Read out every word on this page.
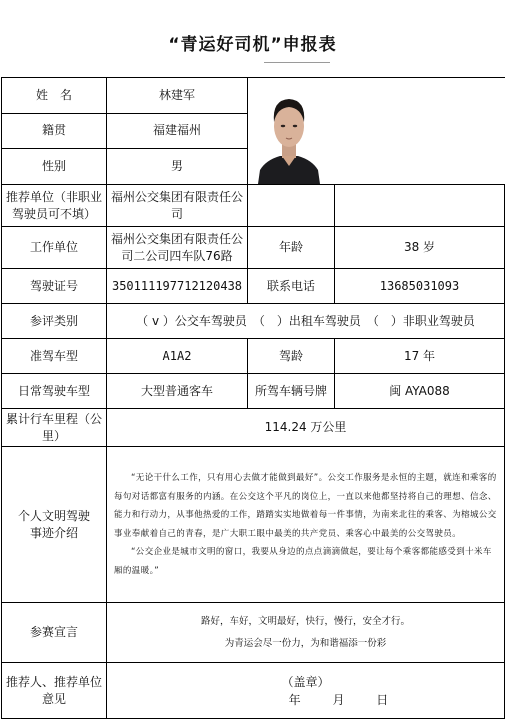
“青运好司机”申报表
姓　名	林建军	

籍贯	福建福州		
性别	男		
推荐单位（非职业驾驶员可不填）	福州公交集团有限责任公司		
工作单位	福州公交集团有限责任公司二公司四车队76路	年龄	38 岁
驾驶证号	350111197712120438	联系电话	13685031093
参评类别	（ v ）公交车驾驶员　（　）出租车驾驶员　（　）非职业驾驶员		
准驾车型	A1A2	驾龄	17 年
日常驾驶车型	大型普通客车	所驾车辆号牌	闽 AYA088
累计行车里程（公里）	114.24 万公里		
个人文明驾驶事迹介绍	“无论干什么工作，只有用心去做才能做到最好”。公交工作服务是永恒的主题，就连和乘客的每句对话都富有服务的内涵。在公交这个平凡的岗位上，一直以来他都坚持将自己的理想、信念、能力和行动力，从事他热爱的工作，踏踏实实地做着每一件事情，为南来北往的乘客、为榕城公交事业奉献着自己的青春，是广大职工眼中最美的共产党员、乘客心中最美的公交驾驶员。

“公交企业是城市文明的窗口，我要从身边的点点滴滴做起，要让每个乘客都能感受到十米车厢的温暖。”		

参赛宣言	路好，车好，文明最好，快行，慢行，安全才行。
为青运会尽一份力，为和谐福添一份彩		

推荐人、推荐单位意见	（盖章）
年 月 日		
